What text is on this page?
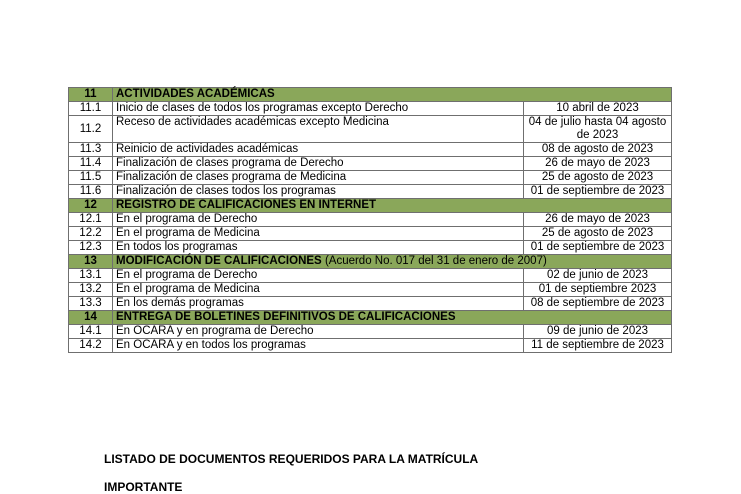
11	ACTIVIDADES ACADÉMICAS	
11.1	Inicio de clases de todos los programas excepto Derecho	10 abril de 2023
11.2	Receso de actividades académicas excepto Medicina	04 de julio hasta 04 agosto de 2023
11.3	Reinicio de actividades académicas	08 de agosto de 2023
11.4	Finalización de clases programa de Derecho	26 de mayo de 2023
11.5	Finalización de clases programa de Medicina	25 de agosto de 2023
11.6	Finalización de clases todos los programas	01 de septiembre de 2023
12	REGISTRO DE CALIFICACIONES EN INTERNET	
12.1	En el programa de Derecho	26 de mayo de 2023
12.2	En el programa de Medicina	25 de agosto de 2023
12.3	En todos los programas	01 de septiembre de 2023
13	MODIFICACIÓN DE CALIFICACIONES (Acuerdo No. 017 del 31 de enero de 2007)	
13.1	En el programa de Derecho	02 de junio de 2023
13.2	En el programa de Medicina	01 de septiembre 2023
13.3	En los demás programas	08 de septiembre de 2023
14	ENTREGA DE BOLETINES DEFINITIVOS DE CALIFICACIONES	
14.1	En OCARA y en programa de Derecho	09 de junio de 2023
14.2	En OCARA y en todos los programas	11 de septiembre de 2023
LISTADO DE DOCUMENTOS REQUERIDOS PARA LA MATRÍCULA
IMPORTANTE
